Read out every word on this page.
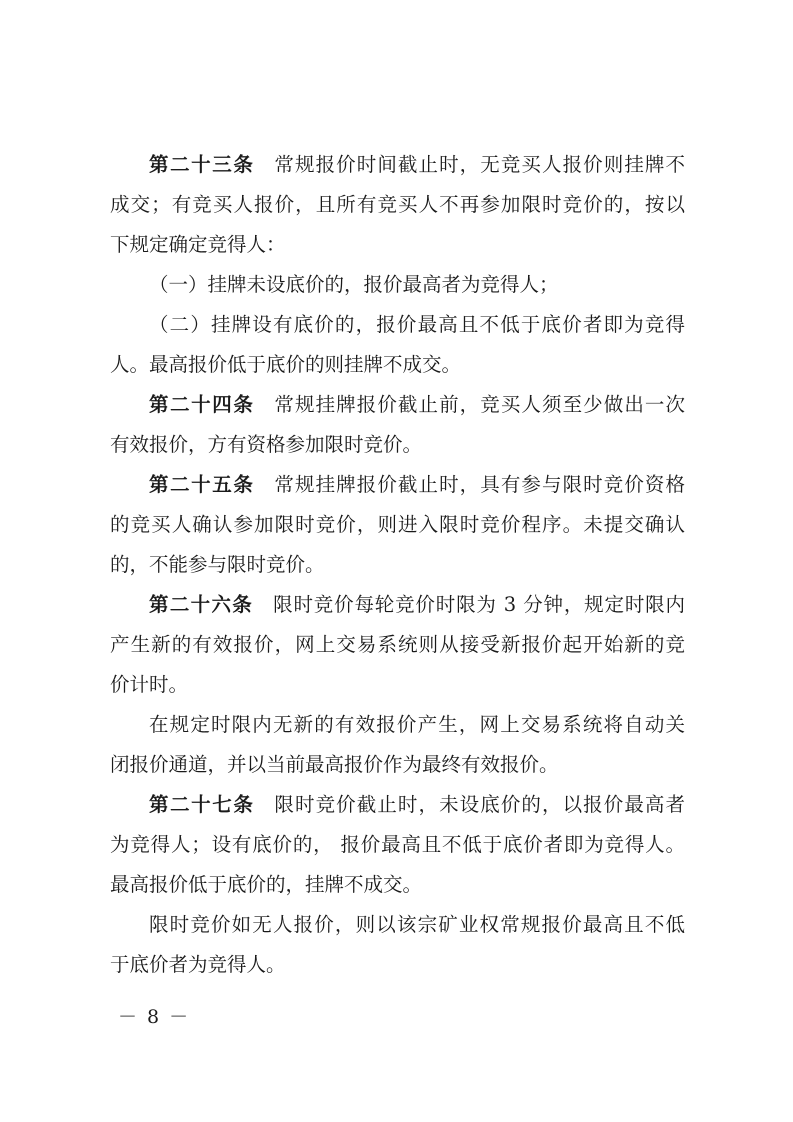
第二十三条 常规报价时间截止时，无竞买人报价则挂牌不
成交；有竞买人报价，且所有竞买人不再参加限时竞价的，按以
下规定确定竞得人：
（一）挂牌未设底价的，报价最高者为竞得人；
（二）挂牌设有底价的，报价最高且不低于底价者即为竞得
人。最高报价低于底价的则挂牌不成交。
第二十四条 常规挂牌报价截止前，竞买人须至少做出一次
有效报价，方有资格参加限时竞价。
第二十五条 常规挂牌报价截止时，具有参与限时竞价资格
的竞买人确认参加限时竞价，则进入限时竞价程序。未提交确认
的，不能参与限时竞价。
第二十六条 限时竞价每轮竞价时限为 3 分钟，规定时限内
产生新的有效报价，网上交易系统则从接受新报价起开始新的竞
价计时。
在规定时限内无新的有效报价产生，网上交易系统将自动关
闭报价通道，并以当前最高报价作为最终有效报价。
第二十七条 限时竞价截止时，未设底价的，以报价最高者
为竞得人；设有底价的， 报价最高且不低于底价者即为竞得人。
最高报价低于底价的，挂牌不成交。
限时竞价如无人报价，则以该宗矿业权常规报价最高且不低
于底价者为竞得人。
－ 8 －
